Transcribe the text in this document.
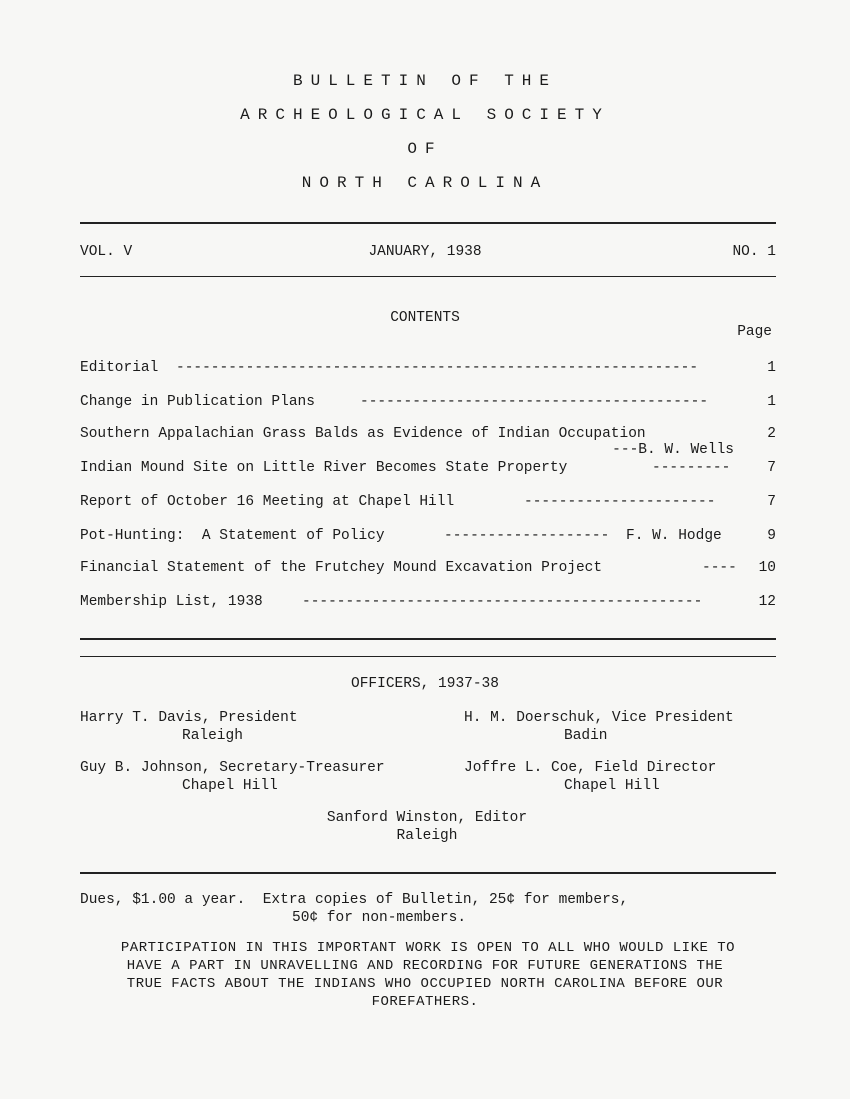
BULLETIN OF THE
ARCHEOLOGICAL SOCIETY
OF
NORTH CAROLINA
VOL. V	JANUARY, 1938	NO. 1
CONTENTS
Page
Editorial ------------------------------------------------------------	1
Change in Publication Plans	----------------------------------------	1
Southern Appalachian Grass Balds as Evidence of Indian Occupation	2
---B. W. Wells
Indian Mound Site on Little River Becomes State Property	---------	7
Report of October 16 Meeting at Chapel Hill	----------------------	7
Pot-Hunting:  A Statement of Policy	-------------------	F. W. Hodge	9
Financial Statement of the Frutchey Mound Excavation Project	---- 10
Membership List, 1938	----------------------------------------------	12
OFFICERS, 1937-38
Harry T. Davis, President
Raleigh
H. M. Doerschuk, Vice President
Badin
Guy B. Johnson, Secretary-Treasurer
Chapel Hill
Joffre L. Coe, Field Director
Chapel Hill
Sanford Winston, Editor
Raleigh
Dues, $1.00 a year.  Extra copies of Bulletin, 25¢ for members,
50¢ for non-members.
PARTICIPATION IN THIS IMPORTANT WORK IS OPEN TO ALL WHO WOULD LIKE TO
HAVE A PART IN UNRAVELLING AND RECORDING FOR FUTURE GENERATIONS THE
TRUE FACTS ABOUT THE INDIANS WHO OCCUPIED NORTH CAROLINA BEFORE OUR
FOREFATHERS.
